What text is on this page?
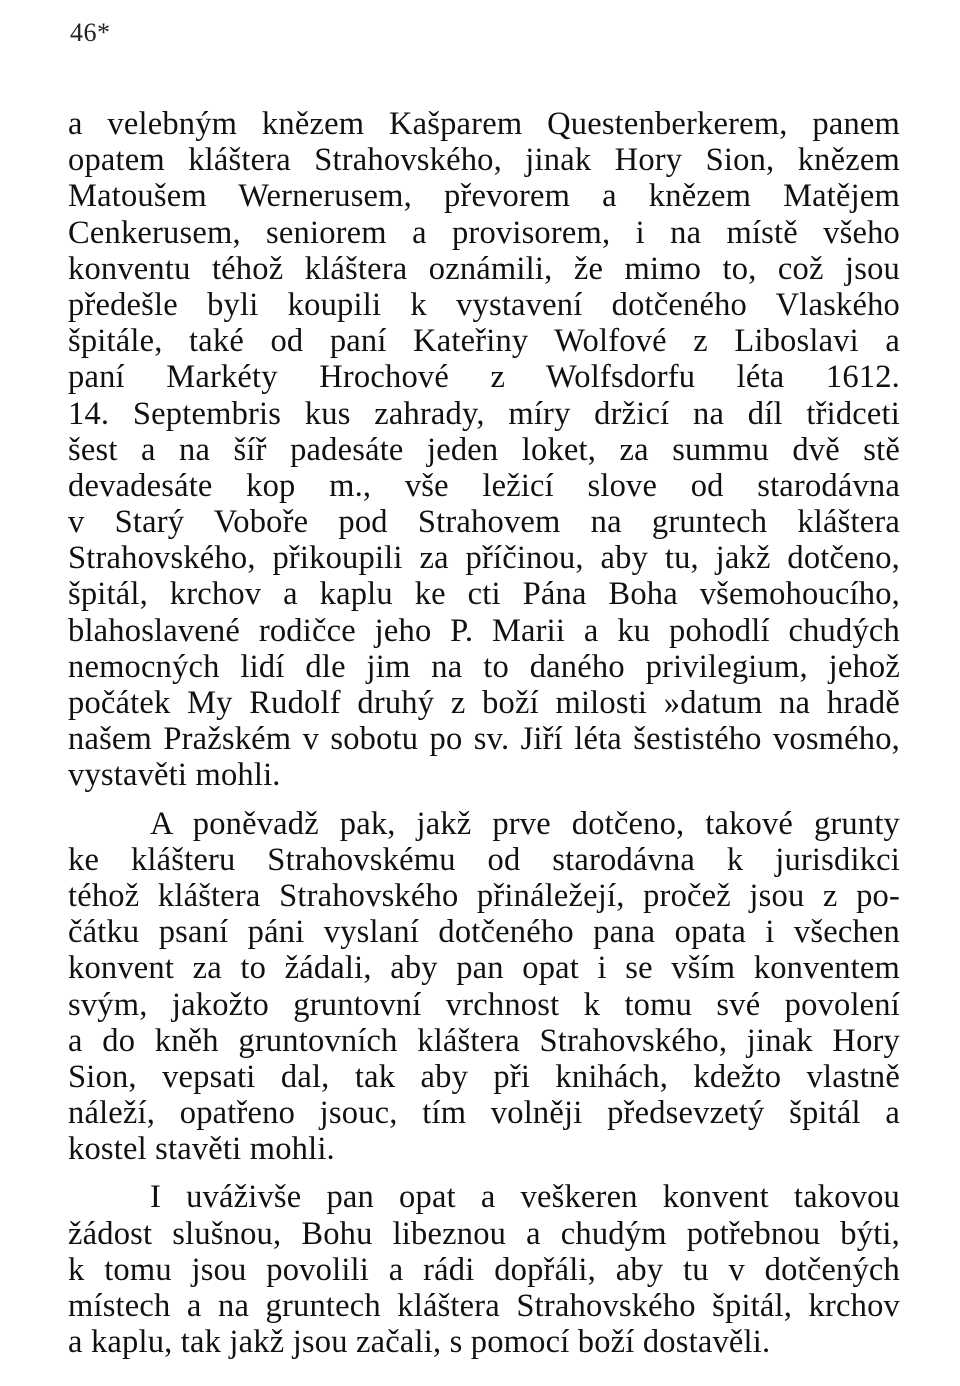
46*
a velebným knězem Kašparem Questenberkerem, panem
opatem kláštera Strahovského, jinak Hory Sion, knězem
Matoušem Wernerusem, převorem a knězem Matějem
Cenkerusem, seniorem a provisorem, i na místě všeho
konventu téhož kláštera oznámili, že mimo to, což jsou
předešle byli koupili k vystavení dotčeného Vlaského
špitále, také od paní Kateřiny Wolfové z Liboslavi a
paní Markéty Hrochové z Wolfsdorfu léta 1612.
14. Septembris kus zahrady, míry držicí na díl třidceti
šest a na šíř padesáte jeden loket, za summu dvě stě
devadesáte kop m., vše ležicí slove od starodávna
v Starý Voboře pod Strahovem na gruntech kláštera
Strahovského, přikoupili za příčinou, aby tu, jakž dotčeno,
špitál, krchov a kaplu ke cti Pána Boha všemohoucího,
blahoslavené rodičce jeho P. Marii a ku pohodlí chudých
nemocných lidí dle jim na to daného privilegium, jehož
počátek My Rudolf druhý z boží milosti »datum na hradě
našem Pražském v sobotu po sv. Jiří léta šestistého vosmého,
vystavěti mohli.
A poněvadž pak, jakž prve dotčeno, takové grunty
ke klášteru Strahovskému od starodávna k jurisdikci
téhož kláštera Strahovského přináležejí, pročež jsou z po-
čátku psaní páni vyslaní dotčeného pana opata i všechen
konvent za to žádali, aby pan opat i se vším konventem
svým, jakožto gruntovní vrchnost k tomu své povolení
a do kněh gruntovních kláštera Strahovského, jinak Hory
Sion, vepsati dal, tak aby při knihách, kdežto vlastně
náleží, opatřeno jsouc, tím volněji předsevzetý špitál a
kostel stavěti mohli.
I uváživše pan opat a veškeren konvent takovou
žádost slušnou, Bohu libeznou a chudým potřebnou býti,
k tomu jsou povolili a rádi dopřáli, aby tu v dotčených
místech a na gruntech kláštera Strahovského špitál, krchov
a kaplu, tak jakž jsou začali, s pomocí boží dostavěli.
